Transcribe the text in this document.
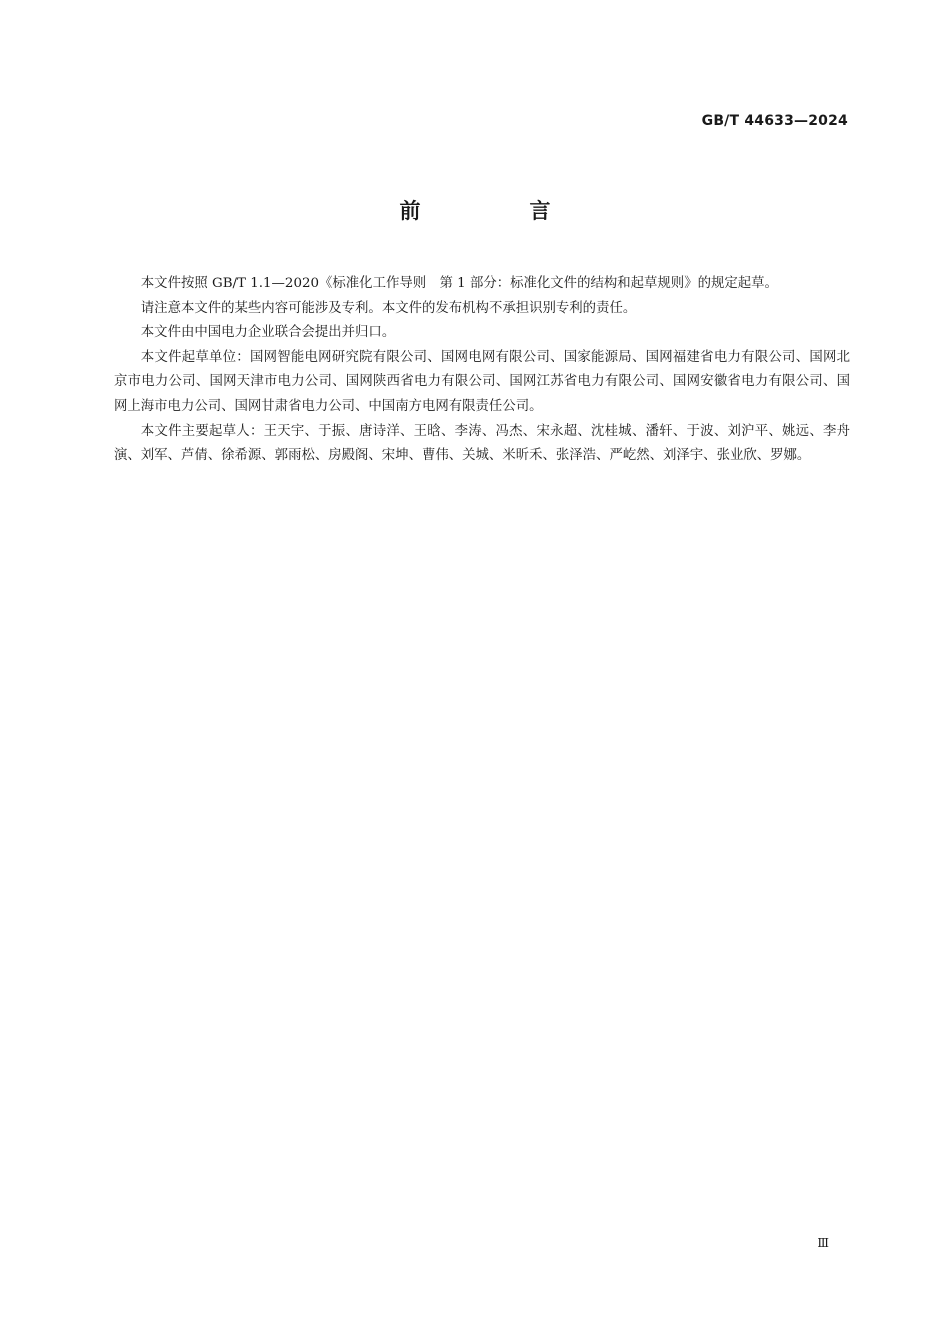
GB/T 44633—2024
前　言

本文件按照 GB/T 1.1—2020《标准化工作导则　第 1 部分：标准化文件的结构和起草规则》的规定起草。

请注意本文件的某些内容可能涉及专利。本文件的发布机构不承担识别专利的责任。

本文件由中国电力企业联合会提出并归口。

本文件起草单位：国网智能电网研究院有限公司、国网电网有限公司、国家能源局、国网福建省电力有限公司、国网北京市电力公司、国网天津市电力公司、国网陕西省电力有限公司、国网江苏省电力有限公司、国网安徽省电力有限公司、国网上海市电力公司、国网甘肃省电力公司、中国南方电网有限责任公司。

本文件主要起草人：王天宇、于振、唐诗洋、王晗、李涛、冯杰、宋永超、沈桂城、潘轩、于波、刘沪平、姚远、李舟演、刘军、芦倩、徐希源、郭雨松、房殿阁、宋坤、曹伟、关城、米昕禾、张泽浩、严屹然、刘泽宇、张业欣、罗娜。

Ⅲ
